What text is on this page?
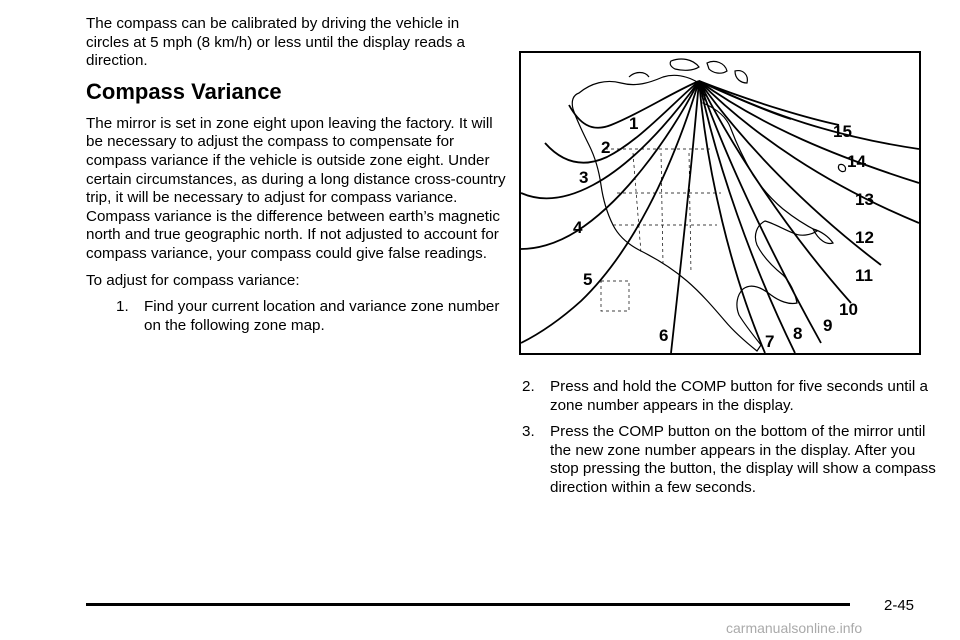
The compass can be calibrated by driving the vehicle in circles at 5 mph (8 km/h) or less until the display reads a direction.

Compass Variance

The mirror is set in zone eight upon leaving the factory. It will be necessary to adjust the compass to compensate for compass variance if the vehicle is outside zone eight. Under certain circumstances, as during a long distance cross-country trip, it will be necessary to adjust for compass variance. Compass variance is the difference between earth’s magnetic north and true geographic north. If not adjusted to account for compass variance, your compass could give false readings.

To adjust for compass variance:

1.	Find your current location and variance zone number on the following zone map.
1
2
3
4
5
6	7 8 9
10
11
12
13
14
15
2.	Press and hold the COMP button for five seconds until a zone number appears in the display.
3.	Press the COMP button on the bottom of the mirror until the new zone number appears in the display. After you stop pressing the button, the display will show a compass direction within a few seconds.
2-45
carmanualsonline.info
